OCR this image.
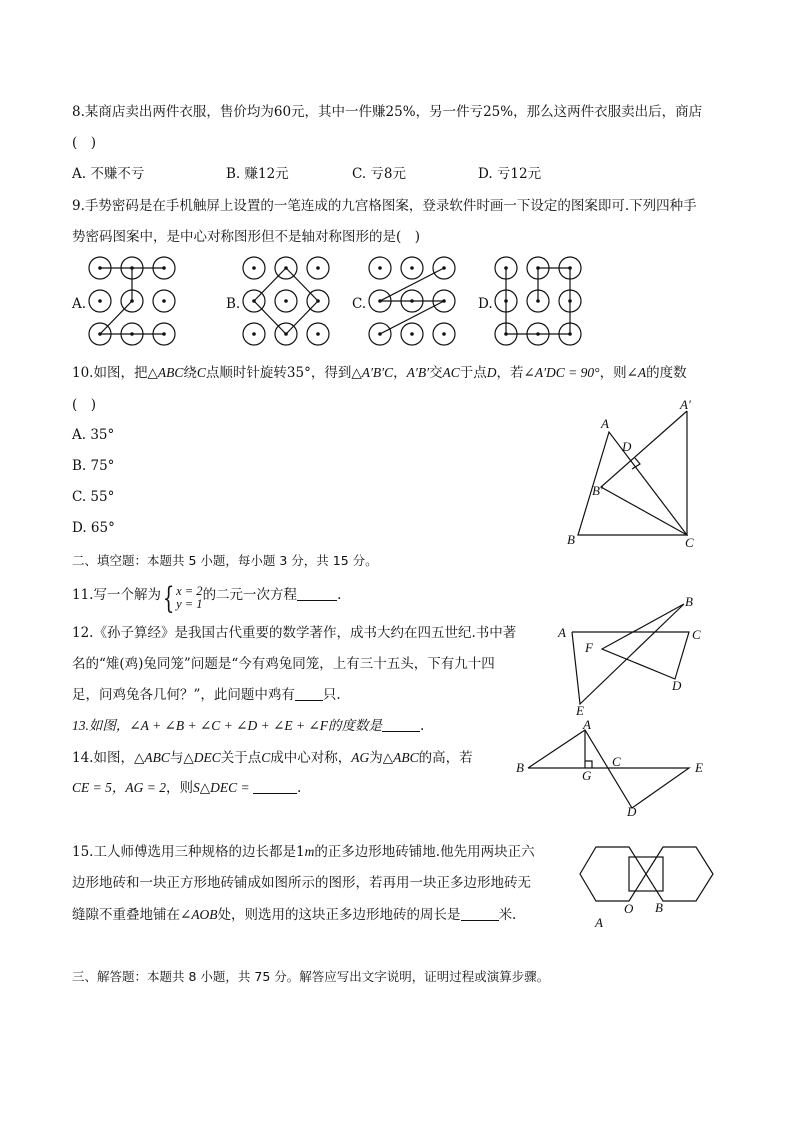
8.某商店卖出两件衣服，售价均为60元，其中一件赚25%，另一件亏25%，那么这两件衣服卖出后，商店
(　)
A. 不赚不亏	B. 赚12元	C. 亏8元	D. 亏12元
9.手势密码是在手机触屏上设置的一笔连成的九宫格图案，登录软件时画一下设定的图案即可.下列四种手
势密码图案中，是中心对称图形但不是轴对称图形的是(　)
A.	B.	C.	D.
10.如图，把△ABC绕C点顺时针旋转35°，得到△A′B′C，A′B′交AC于点D，若∠A′DC = 90°，则∠A的度数
(　)
A. 35°
B. 75°
C. 55°
D. 65°
A
A′
D
B′
B	C
二、填空题：本题共 5 小题，每小题 3 分，共 15 分。
11.写一个解为{ x = 2
y = 1的二元一次方程	.
12.《孙子算经》是我国古代重要的数学著作，成书大约在四五世纪.书中著
名的“雉(鸡)兔同笼”问题是“今有鸡兔同笼，上有三十五头，下有九十四
足，问鸡兔各几何？”，此问题中鸡有 只.
A
B
C
D
E
F
13.如图，∠A + ∠B + ∠C + ∠D + ∠E + ∠F的度数是	.
14.如图，△ABC与△DEC关于点C成中心对称，AG为△ABC的高，若
CE = 5，AG = 2，则S△DEC =	.
A
B	C
D
E
G
15.工人师傅选用三种规格的边长都是1m的正多边形地砖铺地.他先用两块正六
边形地砖和一块正方形地砖铺成如图所示的图形，若再用一块正多边形地砖无
缝隙不重叠地铺在∠AOB处，则选用的这块正多边形地砖的周长是	米.	A
O B
三、解答题：本题共 8 小题，共 75 分。解答应写出文字说明，证明过程或演算步骤。
